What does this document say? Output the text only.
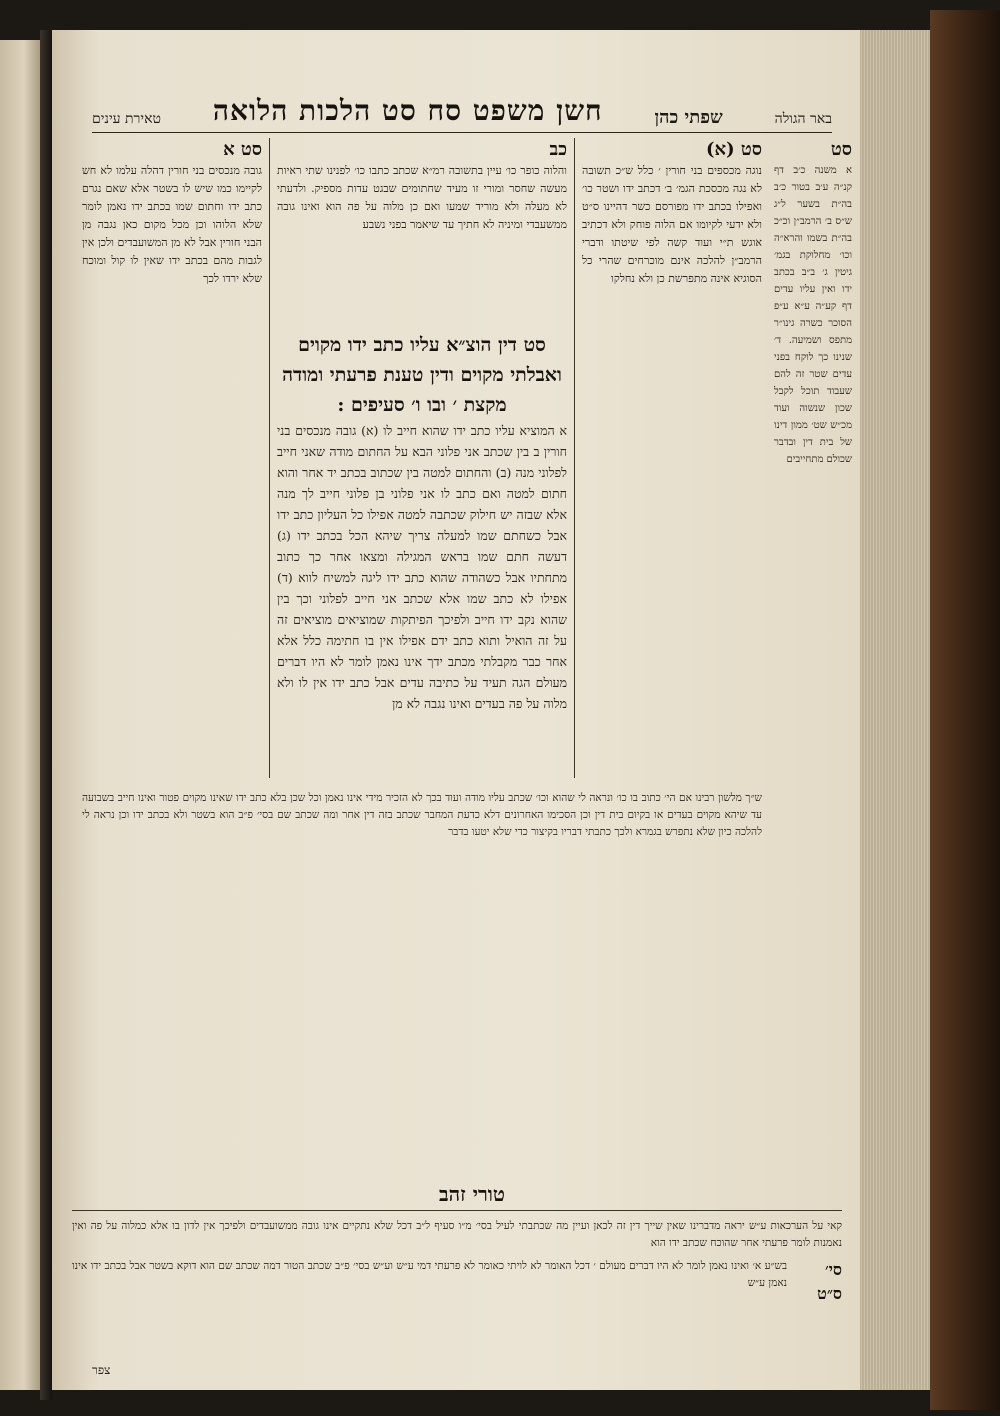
באר הגולה
שפתי כהן
חשן משפט סח סט הלכות הלואה
טאירת עינים
סט
א משנה כ׳ב דף קנ״ה ע׳ב בטור כ׳ב בה״ת בשער ל״ג ש״ס ב׳ הרמב״ן וכ״כ בה״ת בשמו והרא״ה וכו׳ מחלוקת בגמ׳ גיטין ג׳ ב״ב בכתב ידו ואין עליו עדים דף קע״ה ע״א ע״פ הסוכר כשרה גינו״ר מתפס ושמיעה. ד׳ שנינו כך לוקח בפני עדים שטר זה להם שעבוד תוכל לקבל שכון שנשוה ועוד מכ״ש שט׳ ממון דינו של בית דין ובדבר שכולם מתחייבים
סט (א)
נוגה מכספים בני חורין ׳ כלל ש״כ תשובה לא נגה מכסכת הגמ׳ ב׳ דכתב ידו ושטר כו׳ ואפילו בכתב ידו מפורסם כשר דהיינו ס״ט ולא ידעי לקיומו אם הלוה פוחק ולא דכתיב אוגש ת״י ועוד קשה לפי שיטתו ודברי הרמב״ן להלכה אינם מוכרחים שהרי כל הסוגיא אינה מתפרשת כן ולא נחלקו
סט דין הוצ״א עליו כתב ידו מקוים ואבלתי מקוים ודין טענת פרעתי ומודה מקצת ׳ ובו ו׳ סעיפים :
א המוציא עליו כתב ידו שהוא חייב לו (א) גובה מנכסים בני חורין ב בין שכתב אני פלוני הבא על החתום מודה שאני חייב לפלוני מנה (ב) והחתום למטה בין שכתוב בכתב יד אחר והוא חתום למטה ואם כתב לו אני פלוני בן פלוני חייב לך מנה אלא שבזה יש חילוק שכתבה למטה אפילו כל העליון כתב ידו אבל כשחתם שמו למעלה צריך שיהא הכל בכתב ידו (ג) דעשה חתם שמו בראש המגילה ומצאו אחר כך כתוב מתחתיו אבל כשהודה שהוא כתב ידו ליגה למשיח לווא (ד) אפילו לא כתב שמו אלא שכתב אני חייב לפלוני וכך בין שהוא נקב ידו חייב ולפיכך הפיתקות שמוציאים מוציאים זה על זה הואיל ותוא כתב ידם אפילו אין בו חתימה כלל אלא אחר כבר מקבלתי מכתב ידך אינו נאמן לומר לא היו דברים מעולם הגה תעיד על כתיבה עדים אבל כתב ידו אין לו ולא מלוה על פה בעדים ואינו נגבה לא מן
כב
והלוה כופר כו׳ עיין בתשובה רמ״א שכתב כתבו כו׳ לפנינו שתי ראיות מעשה שחסר ומורי זו מעיד שחתומים שבגט עדות מספיק. ולדעתי לא מעלה ולא מוריד שמעו ואם כן מלוה על פה הוא ואינו גובה ממשעבדי ומיניה לא חתיך עד שיאמר בפני נשבע
סט א
גובה מנכסים בני חורין דהלה עלמו לא חש לקיימו כמו שיש לו בשטר אלא שאם נגרם כתב ידו וחתום שמו בכתב ידו נאמן לומר שלא הלוהו וכן מכל מקום כאן נגבה מן הבני חורין אבל לא מן המשועבדים ולכן אין לגבות מהם בכתב ידו שאין לו קול ומוכח שלא ירדו לכך
ש״ך מלשון רבינו אם הי׳ כתוב בו כו׳ ונראה לי שהוא וכו׳ שכתב עליו מודה ועוד בכך לא הזכיר מידי אינו נאמן וכל שכן בלא כתב ידו שאינו מקוים פטור ואינו חייב בשבועה עד שיהא מקוים בעדים או בקיום בית דין וכן הסכימו האחרונים דלא כדעת המחבר שכתב בזה דין אחר ומה שכתב שם בסי׳ פ״ב הוא בשטר ולא בכתב ידו וכן נראה לי להלכה כיון שלא נתפרש בגמרא ולכך כתבתי דבריו בקיצור כדי שלא יטעו בדבר
טורי זהב
קאי על הערכאות ע״ש יראה מדברינו שאין שייך דין זה לכאן ועיין מה שכתבתי לעיל בסי׳ מ״ו סעיף ל״ב דכל שלא נתקיים אינו גובה ממשועבדים ולפיכך אין לדון בו אלא כמלוה על פה ואין נאמנות לומר פרעתי אחר שהוכח שכתב ידו הוא
סי׳ ס״ט
בש״ע א׳ ואינו נאמן לומר לא היו דברים מעולם ׳ דכל האומר לא לויתי כאומר לא פרעתי דמי ע״ש וע״ש בסי׳ פ״ב שכתב הטור דמה שכתב שם הוא דוקא בשטר אבל בכתב ידו אינו נאמן ע״ש
צפר
